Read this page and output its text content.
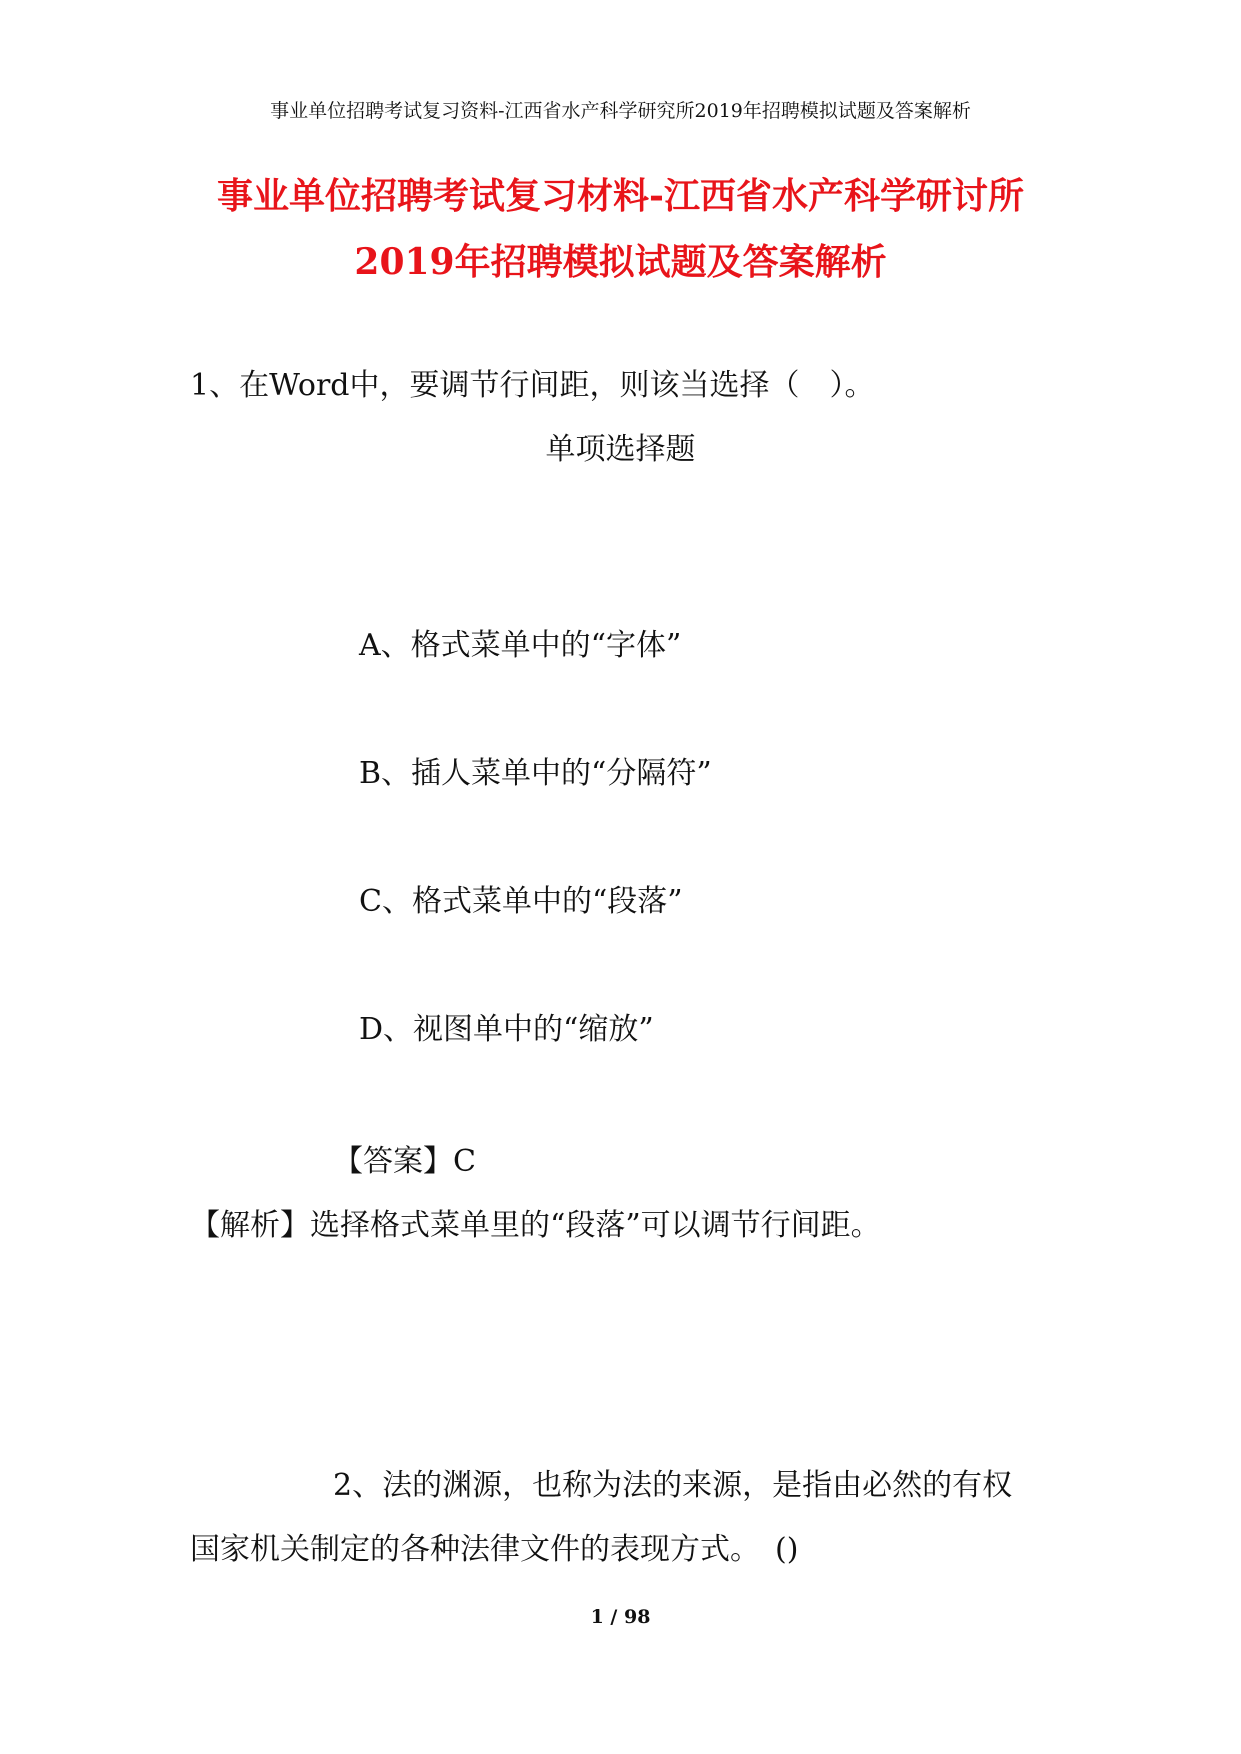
事业单位招聘考试复习资料-江西省水产科学研究所2019年招聘模拟试题及答案解析
事业单位招聘考试复习材料-江西省水产科学研讨所
2019年招聘模拟试题及答案解析
1、在Word中，要调节行间距，则该当选择（　）。
单项选择题
A、格式菜单中的“字体”
B、插人菜单中的“分隔符”
C、格式菜单中的“段落”
D、视图单中的“缩放”
【答案】C
【解析】选择格式菜单里的“段落”可以调节行间距。
2、法的渊源，也称为法的来源，是指由必然的有权
国家机关制定的各种法律文件的表现方式。　()
1 / 98
